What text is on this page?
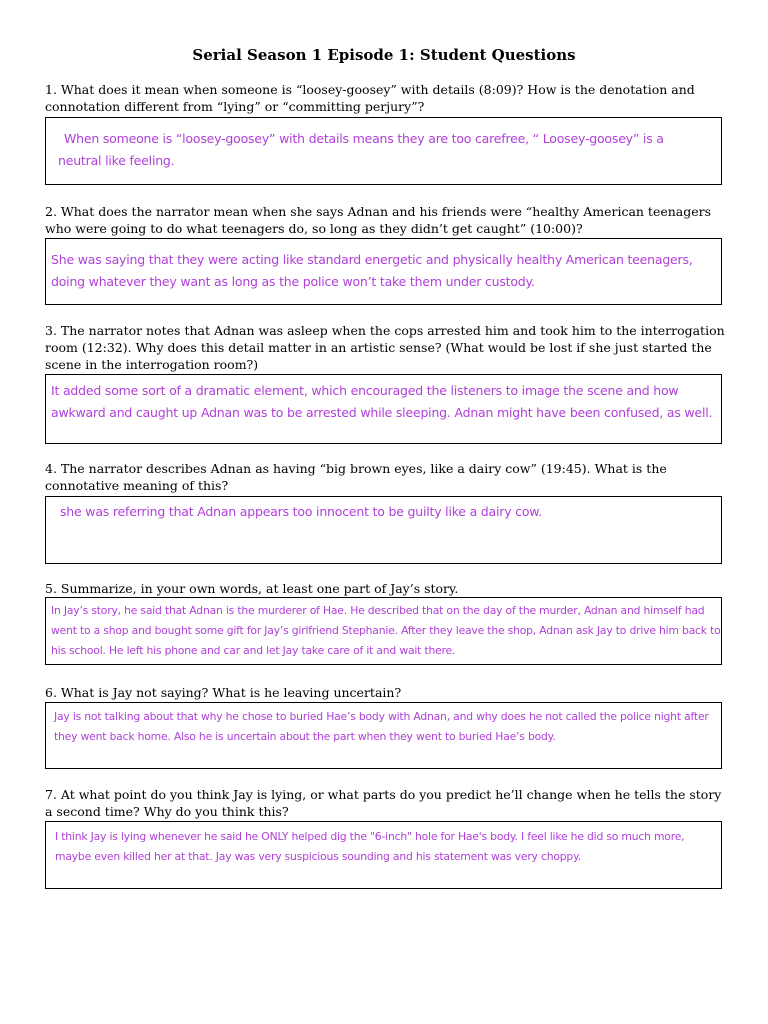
Serial Season 1 Episode 1: Student Questions
1. What does it mean when someone is “loosey-goosey” with details (8:09)? How is the denotation and connotation different from “lying” or “committing perjury”?
When someone is “loosey-goosey” with details means they are too carefree, “ Loosey-goosey” is a neutral like feeling.
2. What does the narrator mean when she says Adnan and his friends were “healthy American teenagers who were going to do what teenagers do, so long as they didn’t get caught” (10:00)?
She was saying that they were acting like standard energetic and physically healthy American teenagers, doing whatever they want as long as the police won’t take them under custody.
3. The narrator notes that Adnan was asleep when the cops arrested him and took him to the interrogation room (12:32). Why does this detail matter in an artistic sense? (What would be lost if she just started the scene in the interrogation room?)
It added some sort of a dramatic element, which encouraged the listeners to image the scene and how awkward and caught up Adnan was to be arrested while sleeping. Adnan might have been confused, as well.
4. The narrator describes Adnan as having “big brown eyes, like a dairy cow” (19:45). What is the connotative meaning of this?
she was referring that Adnan appears too innocent to be guilty like a dairy cow.
5. Summarize, in your own words, at least one part of Jay’s story.
In Jay’s story, he said that Adnan is the murderer of Hae. He described that on the day of the murder, Adnan and himself had went to a shop and bought some gift for Jay’s girlfriend Stephanie. After they leave the shop, Adnan ask Jay to drive him back to his school. He left his phone and car and let Jay take care of it and wait there.
6. What is Jay not saying? What is he leaving uncertain?
Jay is not talking about that why he chose to buried Hae’s body with Adnan, and why does he not called the police night after they went back home. Also he is uncertain about the part when they went to buried Hae’s body.
7. At what point do you think Jay is lying, or what parts do you predict he’ll change when he tells the story a second time? Why do you think this?
I think Jay is lying whenever he said he ONLY helped dig the "6-inch" hole for Hae's body. I feel like he did so much more, maybe even killed her at that. Jay was very suspicious sounding and his statement was very choppy.
